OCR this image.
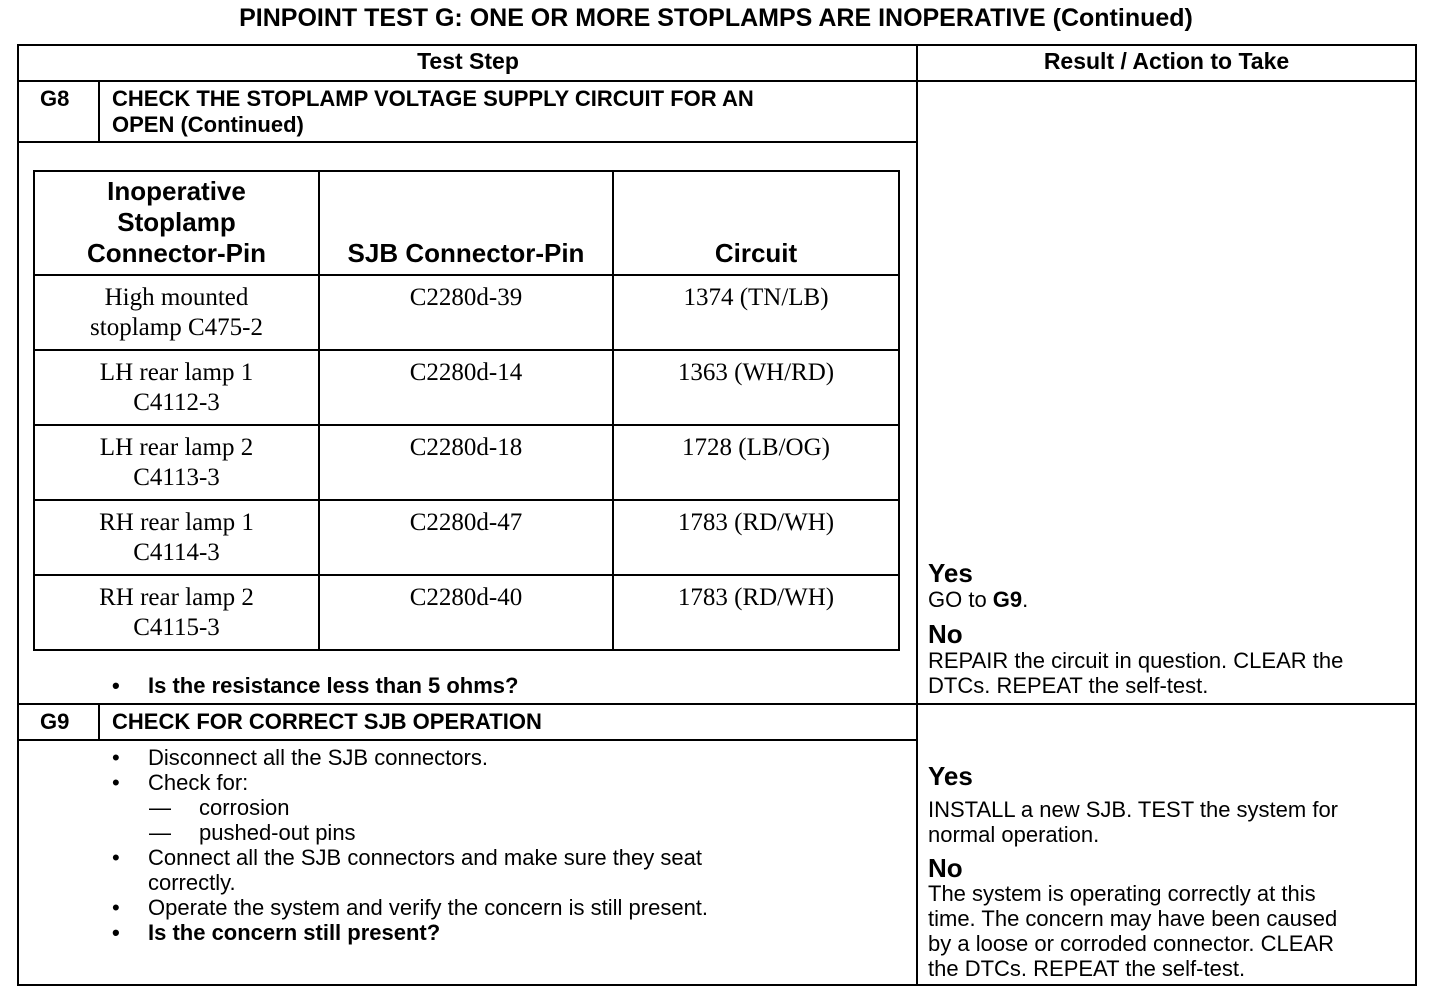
PINPOINT TEST G: ONE OR MORE STOPLAMPS ARE INOPERATIVE (Continued)
Test Step	Result / Action to Take
G8 CHECK THE STOPLAMP VOLTAGE SUPPLY CIRCUIT FOR AN
OPEN (Continued)
Inoperative
Stoplamp
Connector-Pin	SJB Connector-Pin	Circuit
High mounted
stoplamp C475-2
C2280d-39	1374 (TN/LB)
LH rear lamp 1
C4112-3
C2280d-14	1363 (WH/RD)
LH rear lamp 2
C4113-3
C2280d-18	1728 (LB/OG)
RH rear lamp 1
C4114-3
C2280d-47	1783 (RD/WH)
RH rear lamp 2
C4115-3
C2280d-40	1783 (RD/WH)
• Is the resistance less than 5 ohms?
Yes
GO to G9.
No
REPAIR the circuit in question. CLEAR the
DTCs. REPEAT the self-test.
G9 CHECK FOR CORRECT SJB OPERATION
• Disconnect all the SJB connectors.
• Check for:
— corrosion
— pushed-out pins
• Connect all the SJB connectors and make sure they seat
correctly.
• Operate the system and verify the concern is still present.
• Is the concern still present?
Yes
INSTALL a new SJB. TEST the system for
normal operation.
No
The system is operating correctly at this
time. The concern may have been caused
by a loose or corroded connector. CLEAR
the DTCs. REPEAT the self-test.
